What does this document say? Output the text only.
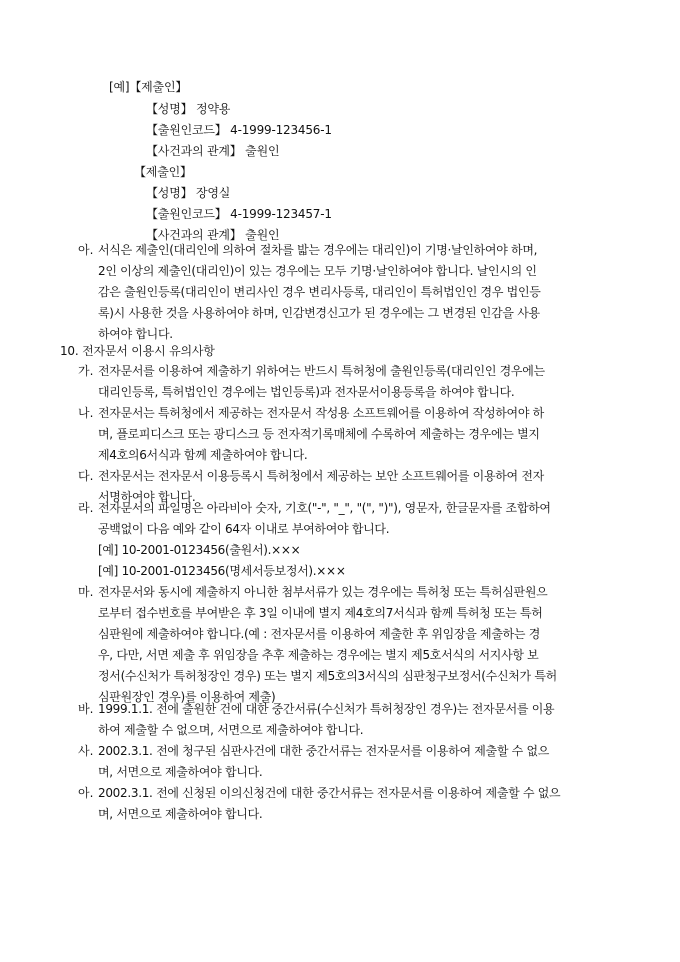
[예]【제출인】
【성명】 정약용
【출원인코드】 4-1999-123456-1
【사건과의 관계】 출원인
【제출인】
【성명】 장영실
【출원인코드】 4-1999-123457-1
【사건과의 관계】 출원인
아. 서식은 제출인(대리인에 의하여 절차를 밟는 경우에는 대리인)이 기명·날인하여야 하며,
2인 이상의 제출인(대리인)이 있는 경우에는 모두 기명·날인하여야 합니다. 날인시의 인
감은 출원인등록(대리인이 변리사인 경우 변리사등록, 대리인이 특허법인인 경우 법인등
록)시 사용한 것을 사용하여야 하며, 인감변경신고가 된 경우에는 그 변경된 인감을 사용
하여야 합니다.
10. 전자문서 이용시 유의사항
가. 전자문서를 이용하여 제출하기 위하여는 반드시 특허청에 출원인등록(대리인인 경우에는
대리인등록, 특허법인인 경우에는 법인등록)과 전자문서이용등록을 하여야 합니다.
나. 전자문서는 특허청에서 제공하는 전자문서 작성용 소프트웨어를 이용하여 작성하여야 하
며, 플로피디스크 또는 광디스크 등 전자적기록매체에 수록하여 제출하는 경우에는 별지
제4호의6서식과 함께 제출하여야 합니다.
다. 전자문서는 전자문서 이용등록시 특허청에서 제공하는 보안 소프트웨어를 이용하여 전자
서명하여야 합니다.
라. 전자문서의 파일명은 아라비아 숫자, 기호("-", "_", "(", ")"), 영문자, 한글문자를 조합하여
공백없이 다음 예와 같이 64자 이내로 부여하여야 합니다.
[예] 10-2001-0123456(출원서).×××
[예] 10-2001-0123456(명세서등보정서).×××
마. 전자문서와 동시에 제출하지 아니한 첨부서류가 있는 경우에는 특허청 또는 특허심판원으
로부터 접수번호를 부여받은 후 3일 이내에 별지 제4호의7서식과 함께 특허청 또는 특허
심판원에 제출하여야 합니다.(예 : 전자문서를 이용하여 제출한 후 위임장을 제출하는 경
우, 다만, 서면 제출 후 위임장을 추후 제출하는 경우에는 별지 제5호서식의 서지사항 보
정서(수신처가 특허청장인 경우) 또는 별지 제5호의3서식의 심판청구보정서(수신처가 특허
심판원장인 경우)를 이용하여 제출)
바. 1999.1.1. 전에 출원한 건에 대한 중간서류(수신처가 특허청장인 경우)는 전자문서를 이용
하여 제출할 수 없으며, 서면으로 제출하여야 합니다.
사. 2002.3.1. 전에 청구된 심판사건에 대한 중간서류는 전자문서를 이용하여 제출할 수 없으
며, 서면으로 제출하여야 합니다.
아. 2002.3.1. 전에 신청된 이의신청건에 대한 중간서류는 전자문서를 이용하여 제출할 수 없으
며, 서면으로 제출하여야 합니다.
